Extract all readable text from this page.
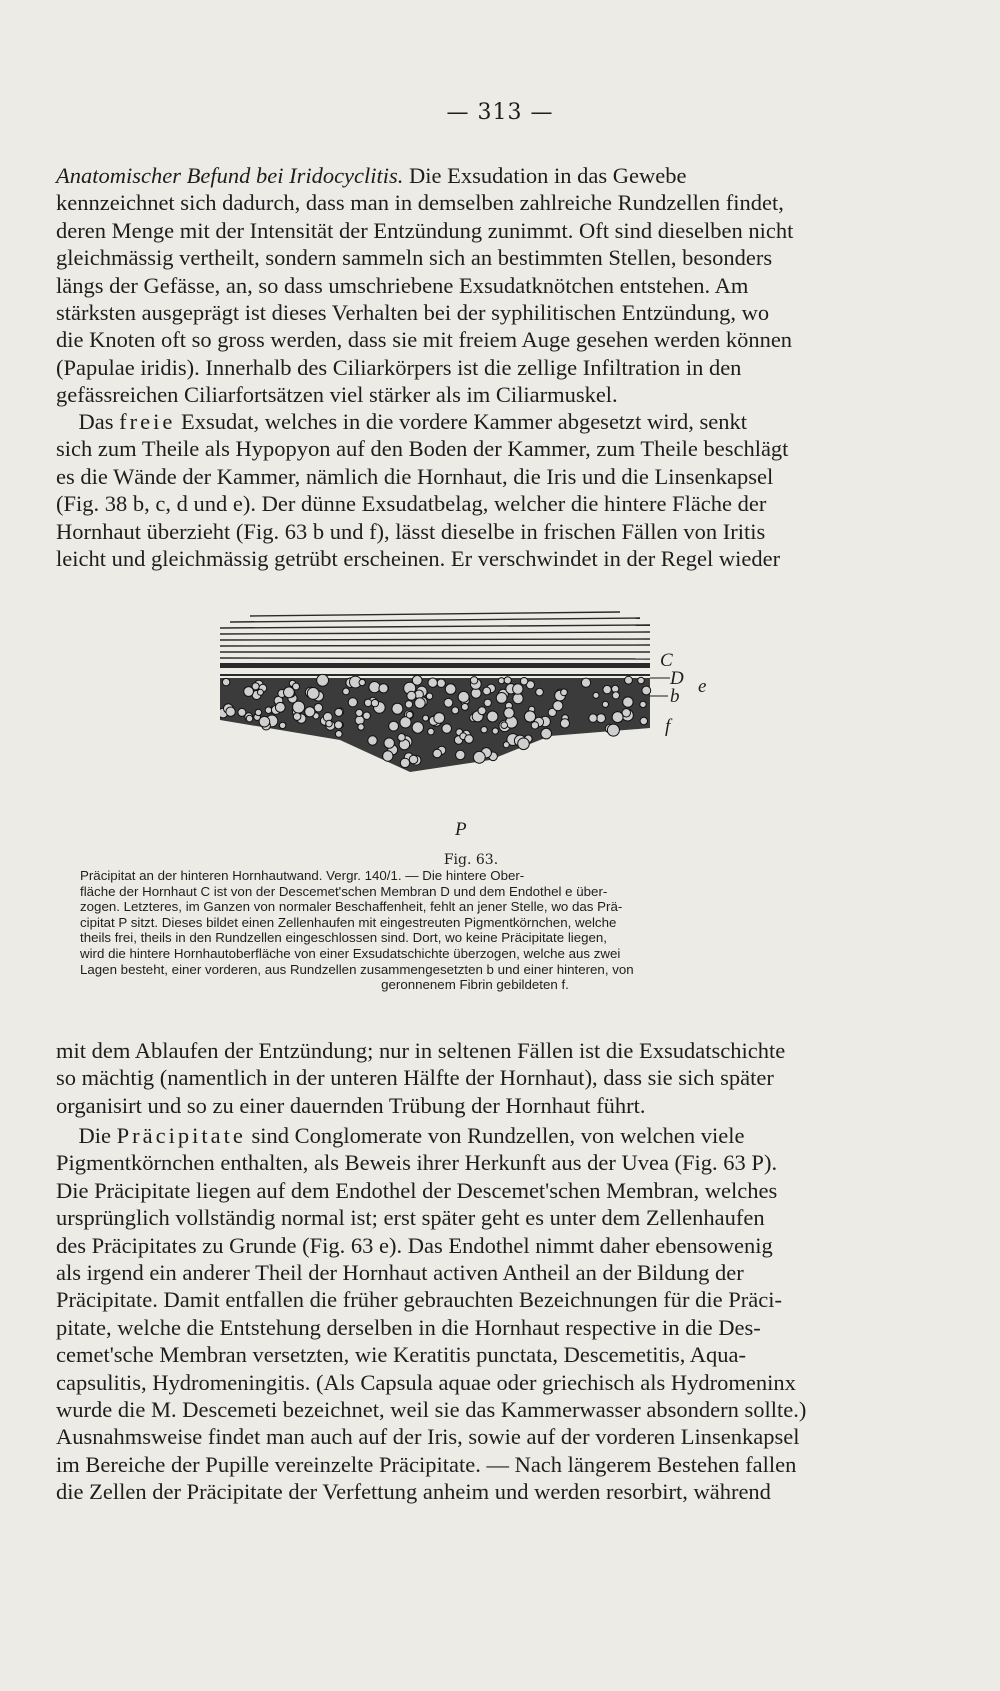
— 313 —

Anatomischer Befund bei Iridocyclitis. Die Exsudation in das Gewebe
kennzeichnet sich dadurch, dass man in demselben zahlreiche Rundzellen findet,
deren Menge mit der Intensität der Entzündung zunimmt. Oft sind dieselben nicht
gleichmässig vertheilt, sondern sammeln sich an bestimmten Stellen, besonders
längs der Gefässe, an, so dass umschriebene Exsudatknötchen entstehen. Am
stärksten ausgeprägt ist dieses Verhalten bei der syphilitischen Entzündung, wo
die Knoten oft so gross werden, dass sie mit freiem Auge gesehen werden können
(Papulae iridis). Innerhalb des Ciliarkörpers ist die zellige Infiltration in den
gefässreichen Ciliarfortsätzen viel stärker als im Ciliarmuskel.

 Das freie Exsudat, welches in die vordere Kammer abgesetzt wird, senkt
sich zum Theile als Hypopyon auf den Boden der Kammer, zum Theile beschlägt
es die Wände der Kammer, nämlich die Hornhaut, die Iris und die Linsenkapsel
(Fig. 38 b, c, d und e). Der dünne Exsudatbelag, welcher die hintere Fläche der
Hornhaut überzieht (Fig. 63 b und f), lässt dieselbe in frischen Fällen von Iritis
leicht und gleichmässig getrübt erscheinen. Er verschwindet in der Regel wieder

C
D e
b
f
P
Fig. 63.
Präcipitat an der hinteren Hornhautwand. Vergr. 140/1. — Die hintere Ober-
fläche der Hornhaut C ist von der Descemet'schen Membran D und dem Endothel e über-
zogen. Letzteres, im Ganzen von normaler Beschaffenheit, fehlt an jener Stelle, wo das Prä-
cipitat P sitzt. Dieses bildet einen Zellenhaufen mit eingestreuten Pigmentkörnchen, welche
theils frei, theils in den Rundzellen eingeschlossen sind. Dort, wo keine Präcipitate liegen,
wird die hintere Hornhautoberfläche von einer Exsudatschichte überzogen, welche aus zwei
Lagen besteht, einer vorderen, aus Rundzellen zusammengesetzten b und einer hinteren, von
geronnenem Fibrin gebildeten f.

mit dem Ablaufen der Entzündung; nur in seltenen Fällen ist die Exsudatschichte
so mächtig (namentlich in der unteren Hälfte der Hornhaut), dass sie sich später
organisirt und so zu einer dauernden Trübung der Hornhaut führt.

 Die Präcipitate sind Conglomerate von Rundzellen, von welchen viele
Pigmentkörnchen enthalten, als Beweis ihrer Herkunft aus der Uvea (Fig. 63 P).
Die Präcipitate liegen auf dem Endothel der Descemet'schen Membran, welches
ursprünglich vollständig normal ist; erst später geht es unter dem Zellenhaufen
des Präcipitates zu Grunde (Fig. 63 e). Das Endothel nimmt daher ebensowenig
als irgend ein anderer Theil der Hornhaut activen Antheil an der Bildung der
Präcipitate. Damit entfallen die früher gebrauchten Bezeichnungen für die Präci-
pitate, welche die Entstehung derselben in die Hornhaut respective in die Des-
cemet'sche Membran versetzten, wie Keratitis punctata, Descemetitis, Aqua-
capsulitis, Hydromeningitis. (Als Capsula aquae oder griechisch als Hydromeninx
wurde die M. Descemeti bezeichnet, weil sie das Kammerwasser absondern sollte.)
Ausnahmsweise findet man auch auf der Iris, sowie auf der vorderen Linsenkapsel
im Bereiche der Pupille vereinzelte Präcipitate. — Nach längerem Bestehen fallen
die Zellen der Präcipitate der Verfettung anheim und werden resorbirt, während
